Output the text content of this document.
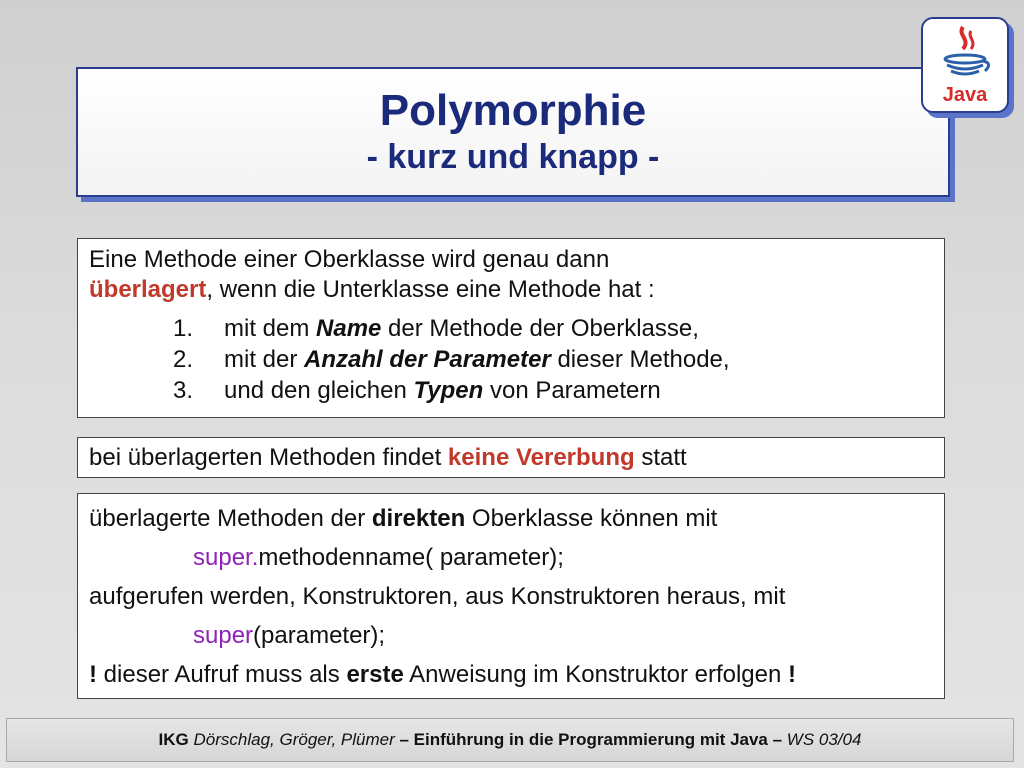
Polymorphie
- kurz und knapp -
Java
Eine Methode einer Oberklasse wird genau dann
überlagert, wenn die Unterklasse eine Methode hat :
1.	mit dem Name der Methode der Oberklasse,
2.	mit der Anzahl der Parameter dieser Methode,
3.	und den gleichen Typen von Parametern
bei überlagerten Methoden findet keine Vererbung statt
überlagerte Methoden der direkten Oberklasse können mit
super.methodenname( parameter);
aufgerufen werden, Konstruktoren, aus Konstruktoren heraus, mit
super(parameter);
! dieser Aufruf muss als erste Anweisung im Konstruktor erfolgen !
IKG Dörschlag, Gröger, Plümer – Einführung in die Programmierung mit Java – WS 03/04
